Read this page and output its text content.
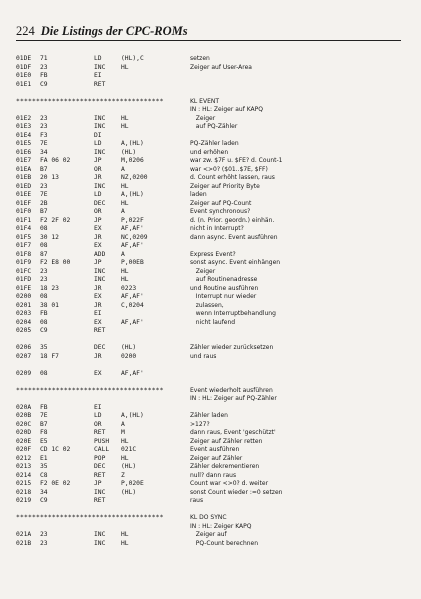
224 Die Listings der CPC-ROMs
01DE 71	LD	(HL),C	setzen
01DF 23	INC HL	Zeiger auf User-Area
01E0 FB	EI
01E1 C9	RET
*************************************	KL EVENT
IN : HL: Zeiger auf KAPQ
01E2 23	INC HL	Zeiger
01E3 23	INC HL	auf PQ-Zähler
01E4 F3	DI
01E5 7E	LD	A,(HL)	PQ-Zähler laden
01E6 34	INC (HL)	und erhöhen
01E7 FA 06 02	JP	M,0206	war zw. $7F u. $FE? d. Count-1
01EA B7	OR	A	war <>0? ($01..$7E, $FF)
01EB 20 13	JR	NZ,0200	d. Count erhöht lassen, raus
01ED 23	INC HL	Zeiger auf Priority Byte
01EE 7E	LD	A,(HL)	laden
01EF 2B	DEC HL	Zeiger auf PQ-Count
01F0 B7	OR	A	Event synchronous?
01F1 F2 2F 02	JP	P,022F	d. (n. Prior. geordn.) einhän.
01F4 08	EX	AF,AF'	nicht in Interrupt?
01F5 30 12	JR	NC,0209	dann async. Event ausführen
01F7 08	EX	AF,AF'
01F8 87	ADD A	Express Event?
01F9 F2 E8 00	JP	P,00EB	sonst async. Event einhängen
01FC 23	INC HL	Zeiger
01FD 23	INC HL	auf Routinenadresse
01FE 18 23	JR	0223	und Routine ausführen
0200 08	EX	AF,AF'	Interrupt nur wieder
0201 38 01	JR	C,0204	zulassen,
0203 FB	EI	wenn Interruptbehandlung
0204 08	EX	AF,AF'	nicht laufend
0205 C9	RET
0206 35	DEC (HL)	Zähler wieder zurücksetzen
0207 18 F7	JR	0200	und raus
0209 08	EX	AF,AF'
*************************************	Event wiederholt ausführen
IN : HL: Zeiger auf PQ-Zähler
020A FB	EI
020B 7E	LD	A,(HL)	Zähler laden
020C B7	OR	A	>127?
020D F8	RET M	dann raus, Event 'geschützt'
020E E5	PUSH HL	Zeiger auf Zähler retten
020F CD 1C 02	CALL 021C	Event ausführen
0212 E1	POP HL	Zeiger auf Zähler
0213 35	DEC (HL)	Zähler dekrementieren
0214 C8	RET Z	null? dann raus
0215 F2 0E 02	JP	P,020E	Count war <>0? d. weiter
0218 34	INC (HL)	sonst Count wieder :=0 setzen
0219 C9	RET	raus
*************************************	KL DO SYNC
IN : HL: Zeiger KAPQ
021A 23	INC HL	Zeiger auf
021B 23	INC HL	PQ-Count berechnen
